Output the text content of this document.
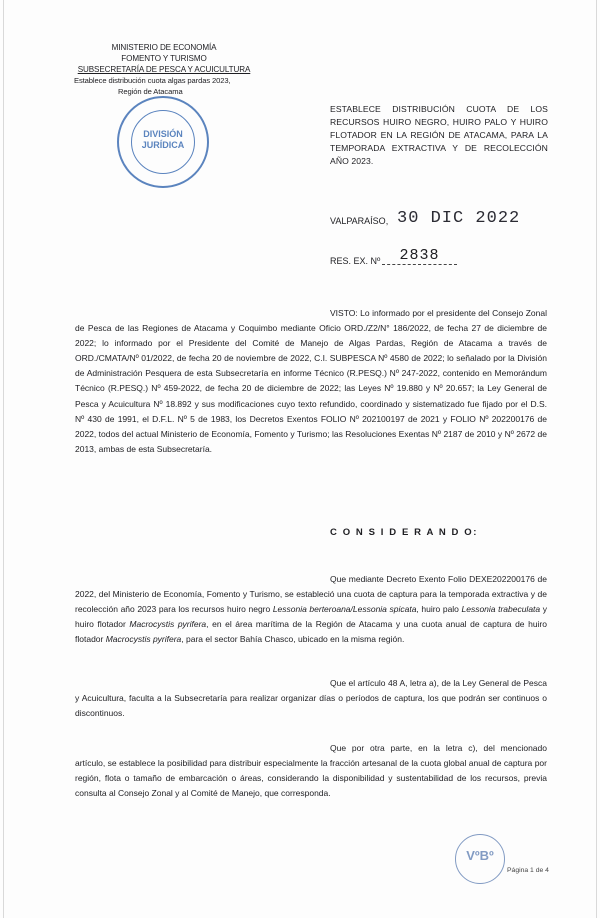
MINISTERIO DE ECONOMÍA
FOMENTO Y TURISMO
SUBSECRETARÍA DE PESCA Y ACUICULTURA
Establece distribución cuota algas pardas 2023,
Región de Atacama
DIVISIÓN
JURÍDICA
ESTABLECE DISTRIBUCIÓN CUOTA DE LOS RECURSOS HUIRO NEGRO, HUIRO PALO Y HUIRO FLOTADOR EN LA REGIÓN DE ATACAMA, PARA LA TEMPORADA EXTRACTIVA Y DE RECOLECCIÓN AÑO 2023.
VALPARAÍSO, 30 DIC 2022
RES. EX. Nº	2838

VISTO: Lo informado por el presidente del Consejo Zonal de Pesca de las Regiones de Atacama y Coquimbo mediante Oficio ORD./Z2/N° 186/2022, de fecha 27 de diciembre de 2022; lo informado por el Presidente del Comité de Manejo de Algas Pardas, Región de Atacama a través de ORD./CMATA/Nº 01/2022, de fecha 20 de noviembre de 2022, C.I. SUBPESCA Nº 4580 de 2022; lo señalado por la División de Administración Pesquera de esta Subsecretaría en informe Técnico (R.PESQ.) Nº 247-2022, contenido en Memorándum Técnico (R.PESQ.) Nº 459-2022, de fecha 20 de diciembre de 2022; las Leyes Nº 19.880 y Nº 20.657; la Ley General de Pesca y Acuicultura Nº 18.892 y sus modificaciones cuyo texto refundido, coordinado y sistematizado fue fijado por el D.S. Nº 430 de 1991, el D.F.L. Nº 5 de 1983, los Decretos Exentos FOLIO Nº 202100197 de 2021 y FOLIO Nº 202200176 de 2022, todos del actual Ministerio de Economía, Fomento y Turismo; las Resoluciones Exentas Nº 2187 de 2010 y Nº 2672 de 2013, ambas de esta Subsecretaría.

C O N S I D E R A N D O:

Que mediante Decreto Exento Folio DEXE202200176 de 2022, del Ministerio de Economía, Fomento y Turismo, se estableció una cuota de captura para la temporada extractiva y de recolección año 2023 para los recursos huiro negro Lessonia berteroana/Lessonia spicata, huiro palo Lessonia trabeculata y huiro flotador Macrocystis pyrifera, en el área marítima de la Región de Atacama y una cuota anual de captura de huiro flotador Macrocystis pyrifera, para el sector Bahía Chasco, ubicado en la misma región.

Que el artículo 48 A, letra a), de la Ley General de Pesca y Acuicultura, faculta a la Subsecretaría para realizar organizar días o períodos de captura, los que podrán ser continuos o discontinuos.

Que por otra parte, en la letra c), del mencionado artículo, se establece la posibilidad para distribuir especialmente la fracción artesanal de la cuota global anual de captura por región, flota o tamaño de embarcación o áreas, considerando la disponibilidad y sustentabilidad de los recursos, previa consulta al Consejo Zonal y al Comité de Manejo, que corresponda.

VºBº
Página 1 de 4
